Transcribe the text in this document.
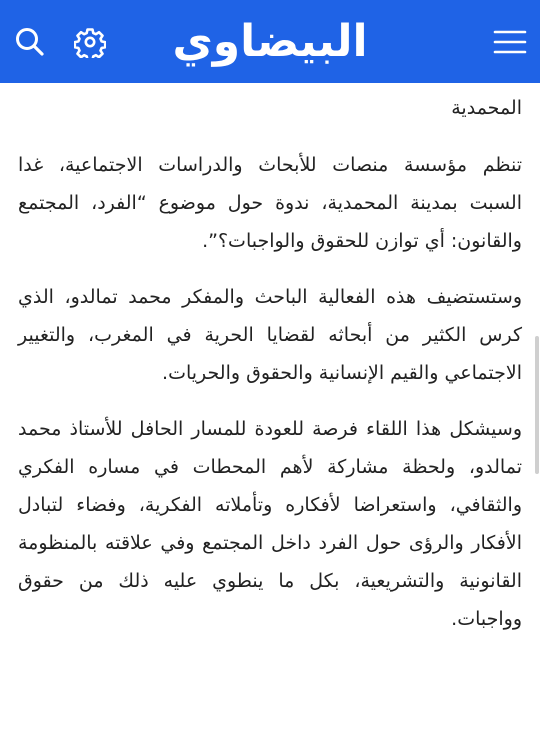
البيضاوي

المحمدية

تنظم مؤسسة منصات للأبحاث والدراسات الاجتماعية، غدا السبت بمدينة المحمدية، ندوة حول موضوع “الفرد، المجتمع والقانون: أي توازن للحقوق والواجبات؟”.

وستستضيف هذه الفعالية الباحث والمفكر محمد تمالدو، الذي كرس الكثير من أبحاثه لقضايا الحرية في المغرب، والتغيير الاجتماعي والقيم الإنسانية والحقوق والحريات.

وسيشكل هذا اللقاء فرصة للعودة للمسار الحافل للأستاذ محمد تمالدو، ولحظة مشاركة لأهم المحطات في مساره الفكري والثقافي، واستعراضا لأفكاره وتأملاته الفكرية، وفضاء لتبادل الأفكار والرؤى حول الفرد داخل المجتمع وفي علاقته بالمنظومة القانونية والتشريعية، بكل ما ينطوي عليه ذلك من حقوق وواجبات.
